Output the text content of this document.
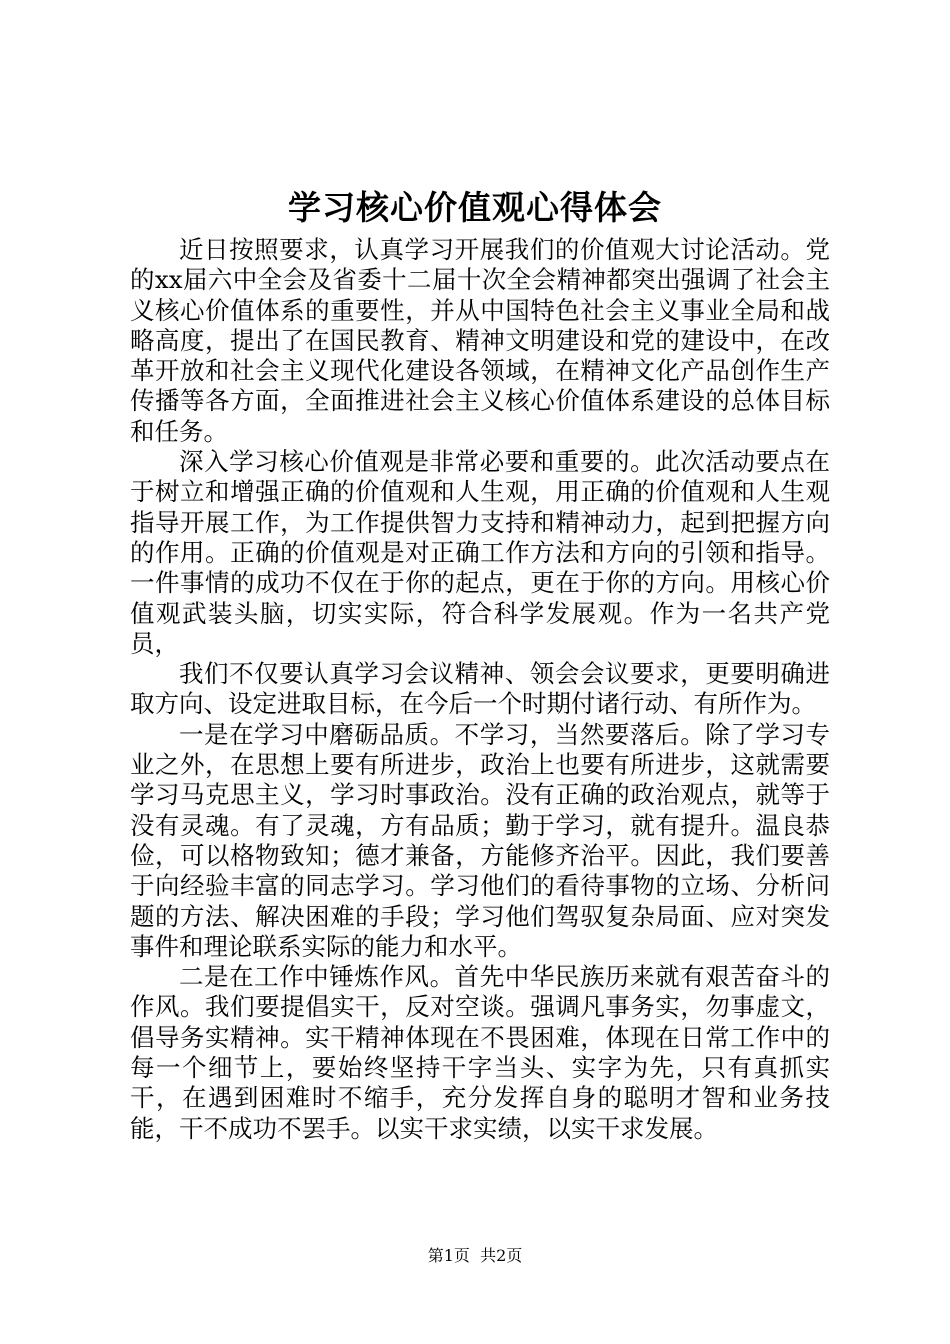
学习核心价值观心得体会

近日按照要求，认真学习开展我们的价值观大讨论活动。党的xx届六中全会及省委十二届十次全会精神都突出强调了社会主义核心价值体系的重要性，并从中国特色社会主义事业全局和战略高度，提出了在国民教育、精神文明建设和党的建设中，在改革开放和社会主义现代化建设各领域，在精神文化产品创作生产传播等各方面，全面推进社会主义核心价值体系建设的总体目标和任务。

深入学习核心价值观是非常必要和重要的。此次活动要点在于树立和增强正确的价值观和人生观，用正确的价值观和人生观指导开展工作，为工作提供智力支持和精神动力，起到把握方向的作用。正确的价值观是对正确工作方法和方向的引领和指导。一件事情的成功不仅在于你的起点，更在于你的方向。用核心价值观武装头脑，切实实际，符合科学发展观。作为一名共产党员，

我们不仅要认真学习会议精神、领会会议要求，更要明确进取方向、设定进取目标，在今后一个时期付诸行动、有所作为。

一是在学习中磨砺品质。不学习，当然要落后。除了学习专业之外，在思想上要有所进步，政治上也要有所进步，这就需要学习马克思主义，学习时事政治。没有正确的政治观点，就等于没有灵魂。有了灵魂，方有品质；勤于学习，就有提升。温良恭俭，可以格物致知；德才兼备，方能修齐治平。因此，我们要善于向经验丰富的同志学习。学习他们的看待事物的立场、分析问题的方法、解决困难的手段；学习他们驾驭复杂局面、应对突发事件和理论联系实际的能力和水平。

二是在工作中锤炼作风。首先中华民族历来就有艰苦奋斗的作风。我们要提倡实干，反对空谈。强调凡事务实，勿事虚文，倡导务实精神。实干精神体现在不畏困难，体现在日常工作中的每一个细节上，要始终坚持干字当头、实字为先，只有真抓实干，在遇到困难时不缩手，充分发挥自身的聪明才智和业务技能，干不成功不罢手。以实干求实绩，以实干求发展。

第1页 共2页
